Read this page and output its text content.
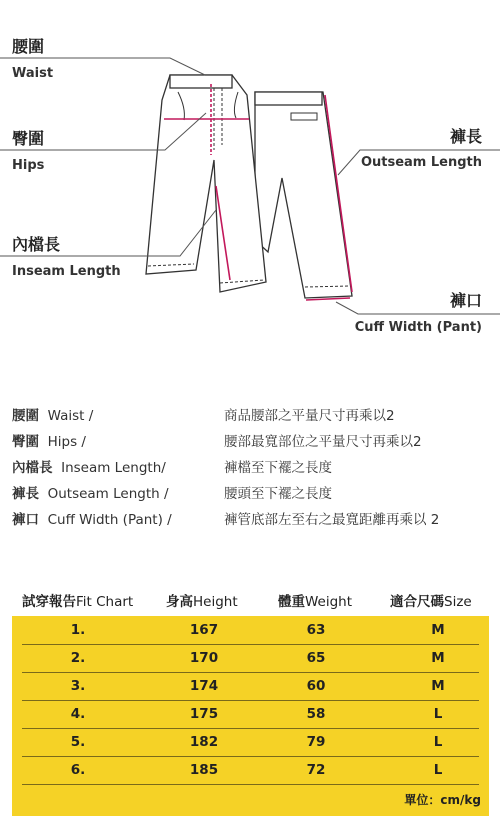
腰圍
Waist
臀圍
Hips
內檔長
Inseam Length
褲長
Outseam Length
褲口
Cuff Width (Pant)
腰圍 Waist /	商品腰部之平量尺寸再乘以2
臀圍 Hips /	腰部最寬部位之平量尺寸再乘以2
內檔長 Inseam Length/	褲檔至下襬之長度
褲長 Outseam Length /	腰頭至下襬之長度
褲口 Cuff Width (Pant) /	褲管底部左至右之最寬距離再乘以 2
試穿報告Fit Chart 身高Height	體重Weight	適合尺碼Size
1.	167	63	M
2.	170	65	M
3.	174	60	M
4.	175	58	L
5.	182	79	L
6.	185	72	L
單位：cm/kg
